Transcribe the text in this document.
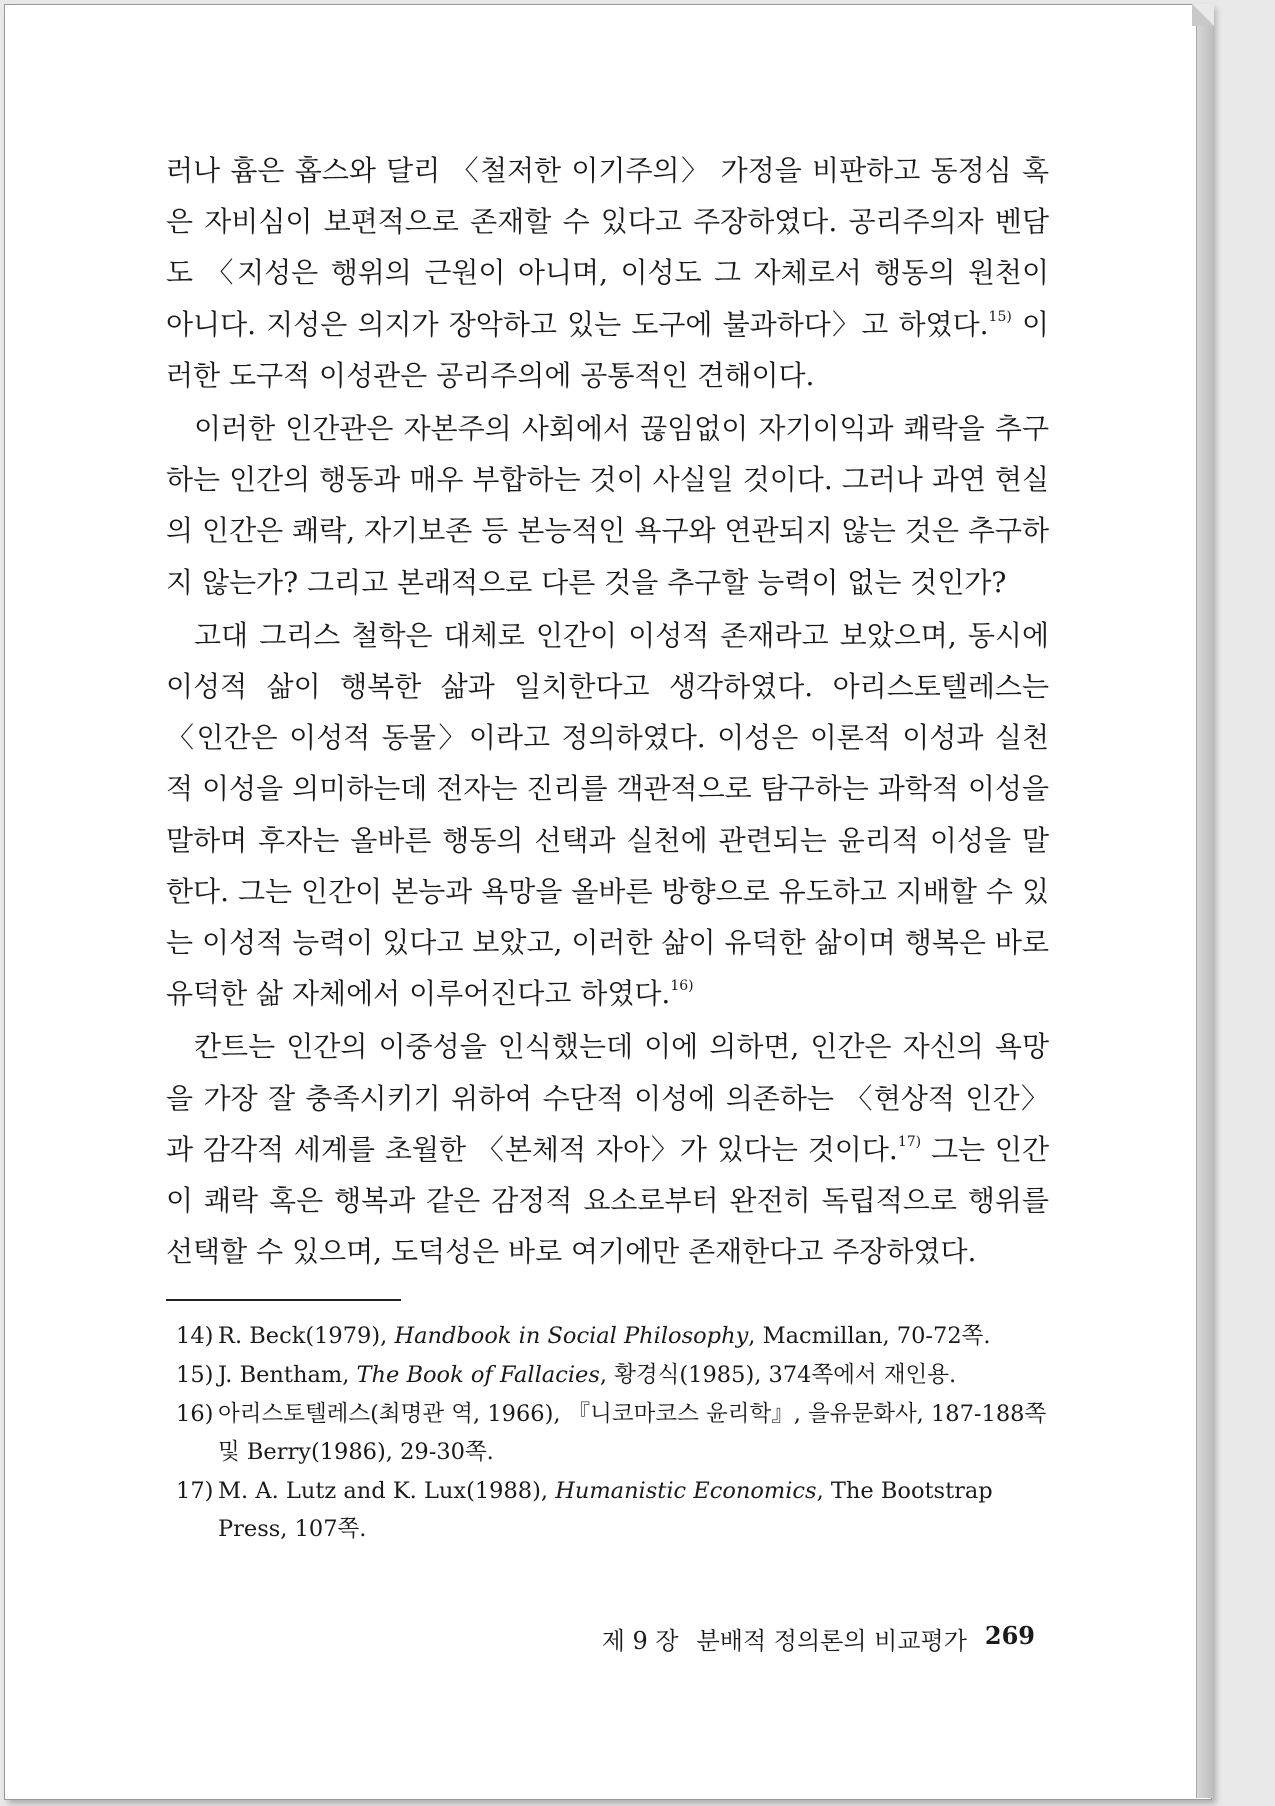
러나 흄은 홉스와 달리 〈철저한 이기주의〉 가정을 비판하고 동정심 혹은 자비심이 보편적으로 존재할 수 있다고 주장하였다. 공리주의자 벤담도 〈지성은 행위의 근원이 아니며, 이성도 그 자체로서 행동의 원천이 아니다. 지성은 의지가 장악하고 있는 도구에 불과하다〉고 하였다.$^{15)}$ 이러한 도구적 이성관은 공리주의에 공통적인 견해이다.

이러한 인간관은 자본주의 사회에서 끊임없이 자기이익과 쾌락을 추구하는 인간의 행동과 매우 부합하는 것이 사실일 것이다. 그러나 과연 현실의 인간은 쾌락, 자기보존 등 본능적인 욕구와 연관되지 않는 것은 추구하지 않는가? 그리고 본래적으로 다른 것을 추구할 능력이 없는 것인가?

고대 그리스 철학은 대체로 인간이 이성적 존재라고 보았으며, 동시에 이성적 삶이 행복한 삶과 일치한다고 생각하였다. 아리스토텔레스는 〈인간은 이성적 동물〉이라고 정의하였다. 이성은 이론적 이성과 실천적 이성을 의미하는데 전자는 진리를 객관적으로 탐구하는 과학적 이성을 말하며 후자는 올바른 행동의 선택과 실천에 관련되는 윤리적 이성을 말한다. 그는 인간이 본능과 욕망을 올바른 방향으로 유도하고 지배할 수 있는 이성적 능력이 있다고 보았고, 이러한 삶이 유덕한 삶이며 행복은 바로 유덕한 삶 자체에서 이루어진다고 하였다.$^{16)}$

칸트는 인간의 이중성을 인식했는데 이에 의하면, 인간은 자신의 욕망을 가장 잘 충족시키기 위하여 수단적 이성에 의존하는 〈현상적 인간〉과 감각적 세계를 초월한 〈본체적 자아〉가 있다는 것이다.$^{17)}$ 그는 인간이 쾌락 혹은 행복과 같은 감정적 요소로부터 완전히 독립적으로 행위를 선택할 수 있으며, 도덕성은 바로 여기에만 존재한다고 주장하였다.

14) R. Beck(1979), Handbook in Social Philosophy, Macmillan, 70-72쪽.
15) J. Bentham, The Book of Fallacies, 황경식(1985), 374쪽에서 재인용.
16) 아리스토텔레스(최명관 역, 1966), 『니코마코스 윤리학』, 을유문화사, 187-188쪽 및 Berry(1986), 29-30쪽.
17) M. A. Lutz and K. Lux(1988), Humanistic Economics, The Bootstrap Press, 107쪽.
제 9 장 분배적 정의론의 비교평가 269
